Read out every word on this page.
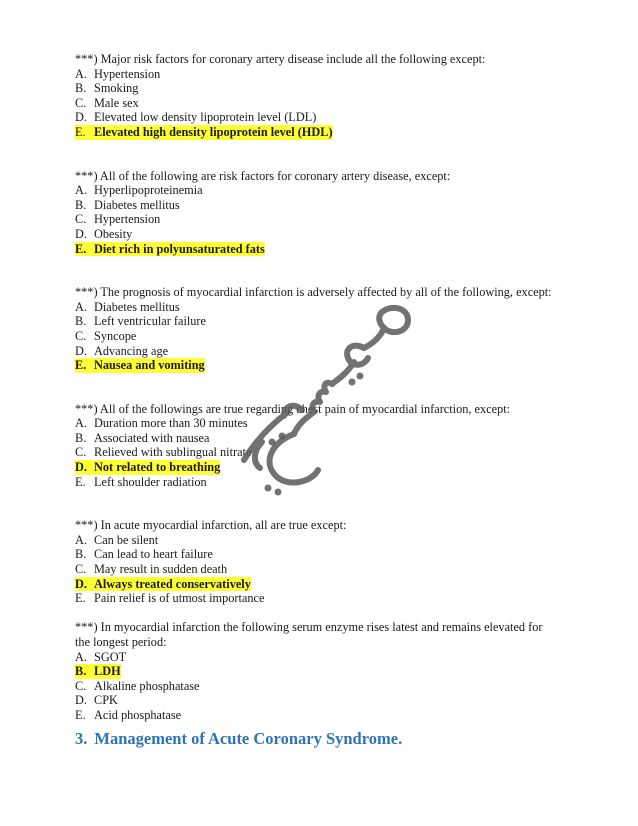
***) Major risk factors for coronary artery disease include all the following except:

A. Hypertension
B. Smoking
C. Male sex
D. Elevated low density lipoprotein level (LDL)
E. Elevated high density lipoprotein level (HDL)

***) All of the following are risk factors for coronary artery disease, except:

A. Hyperlipoproteinemia
B. Diabetes mellitus
C. Hypertension
D. Obesity
E. Diet rich in polyunsaturated fats

***) The prognosis of myocardial infarction is adversely affected by all of the following, except:

A. Diabetes mellitus
B. Left ventricular failure
C. Syncope
D. Advancing age
E. Nausea and vomiting

***) All of the followings are true regarding chest pain of myocardial infarction, except:

A. Duration more than 30 minutes
B. Associated with nausea
C. Relieved with sublingual nitrate
D. Not related to breathing
E. Left shoulder radiation

***) In acute myocardial infarction, all are true except:

A. Can be silent
B. Can lead to heart failure
C. May result in sudden death
D. Always treated conservatively
E. Pain relief is of utmost importance

***) In myocardial infarction the following serum enzyme rises latest and remains elevated for the longest period:

A. SGOT
B. LDH
C. Alkaline phosphatase
D. CPK
E. Acid phosphatase
3. Management of Acute Coronary Syndrome.
